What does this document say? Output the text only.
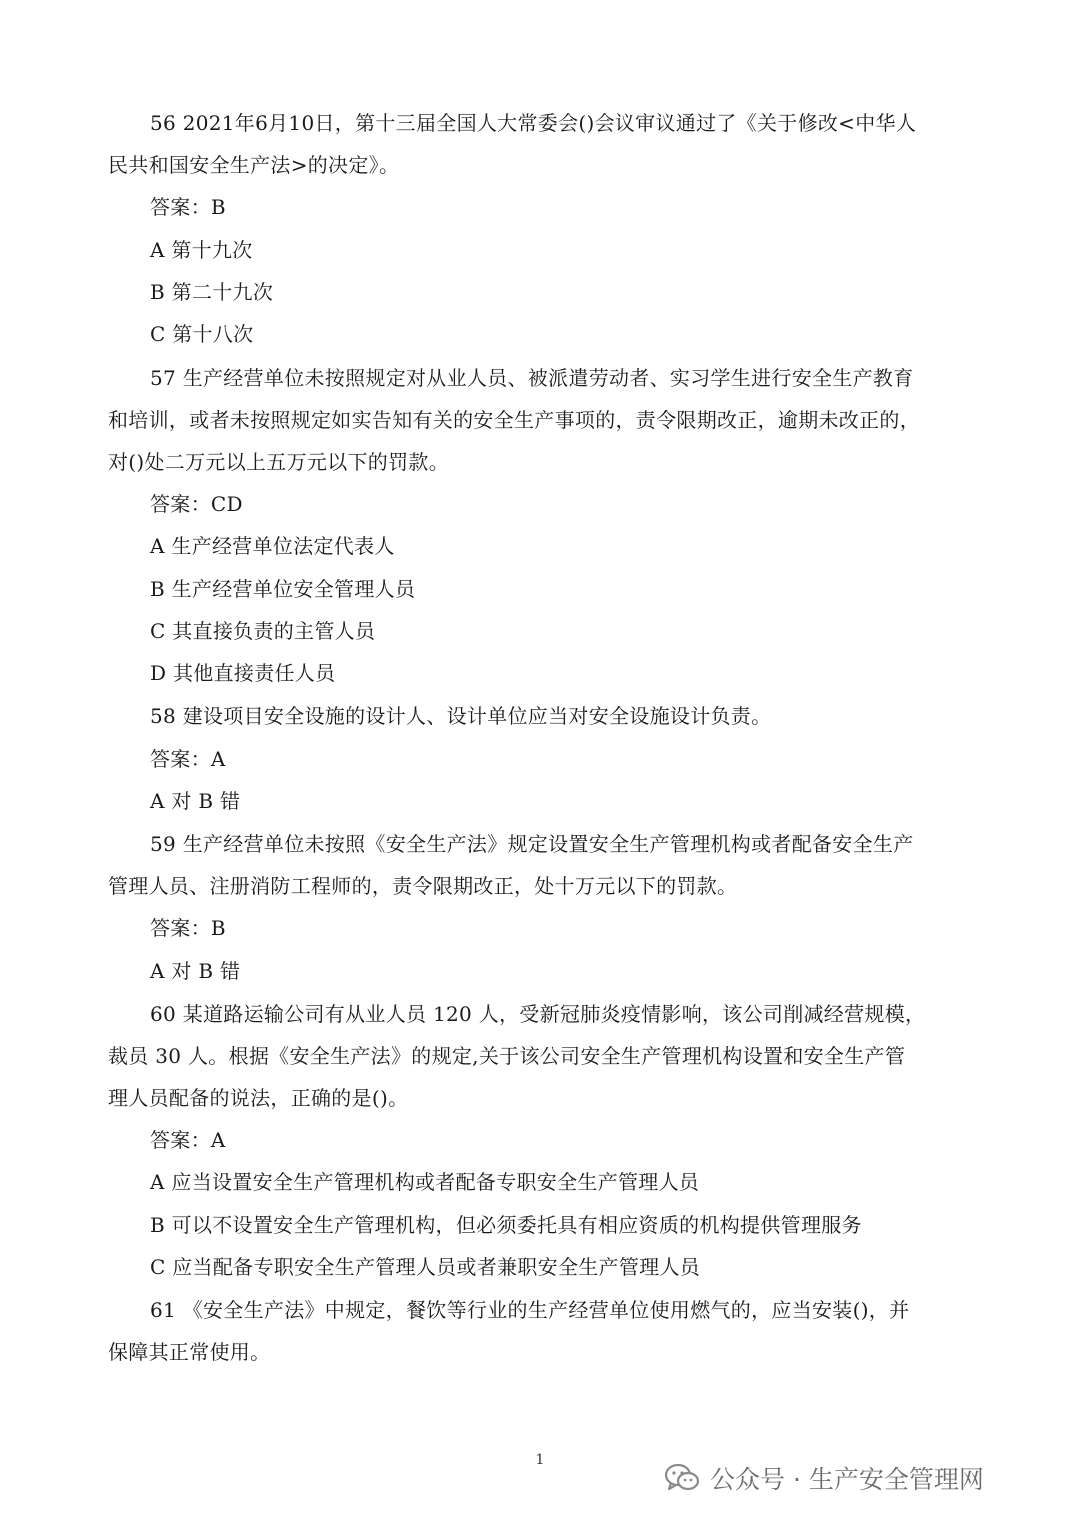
56 2021年6月10日，第十三届全国人大常委会()会议审议通过了《关于修改<中华人
民共和国安全生产法>的决定》。
答案：B
A 第十九次
B 第二十九次
C 第十八次
57 生产经营单位未按照规定对从业人员、被派遣劳动者、实习学生进行安全生产教育
和培训，或者未按照规定如实告知有关的安全生产事项的，责令限期改正，逾期未改正的，
对()处二万元以上五万元以下的罚款。
答案：CD
A 生产经营单位法定代表人
B 生产经营单位安全管理人员
C 其直接负责的主管人员
D 其他直接责任人员
58 建设项目安全设施的设计人、设计单位应当对安全设施设计负责。
答案：A
A 对 B 错
59 生产经营单位未按照《安全生产法》规定设置安全生产管理机构或者配备安全生产
管理人员、注册消防工程师的，责令限期改正，处十万元以下的罚款。
答案：B
A 对 B 错
60 某道路运输公司有从业人员 120 人，受新冠肺炎疫情影响，该公司削减经营规模，
裁员 30 人。根据《安全生产法》的规定,关于该公司安全生产管理机构设置和安全生产管
理人员配备的说法，正确的是()。
答案：A
A 应当设置安全生产管理机构或者配备专职安全生产管理人员
B 可以不设置安全生产管理机构，但必须委托具有相应资质的机构提供管理服务
C 应当配备专职安全生产管理人员或者兼职安全生产管理人员
61 《安全生产法》中规定，餐饮等行业的生产经营单位使用燃气的，应当安装()，并
保障其正常使用。
1
公众号 · 生产安全管理网
